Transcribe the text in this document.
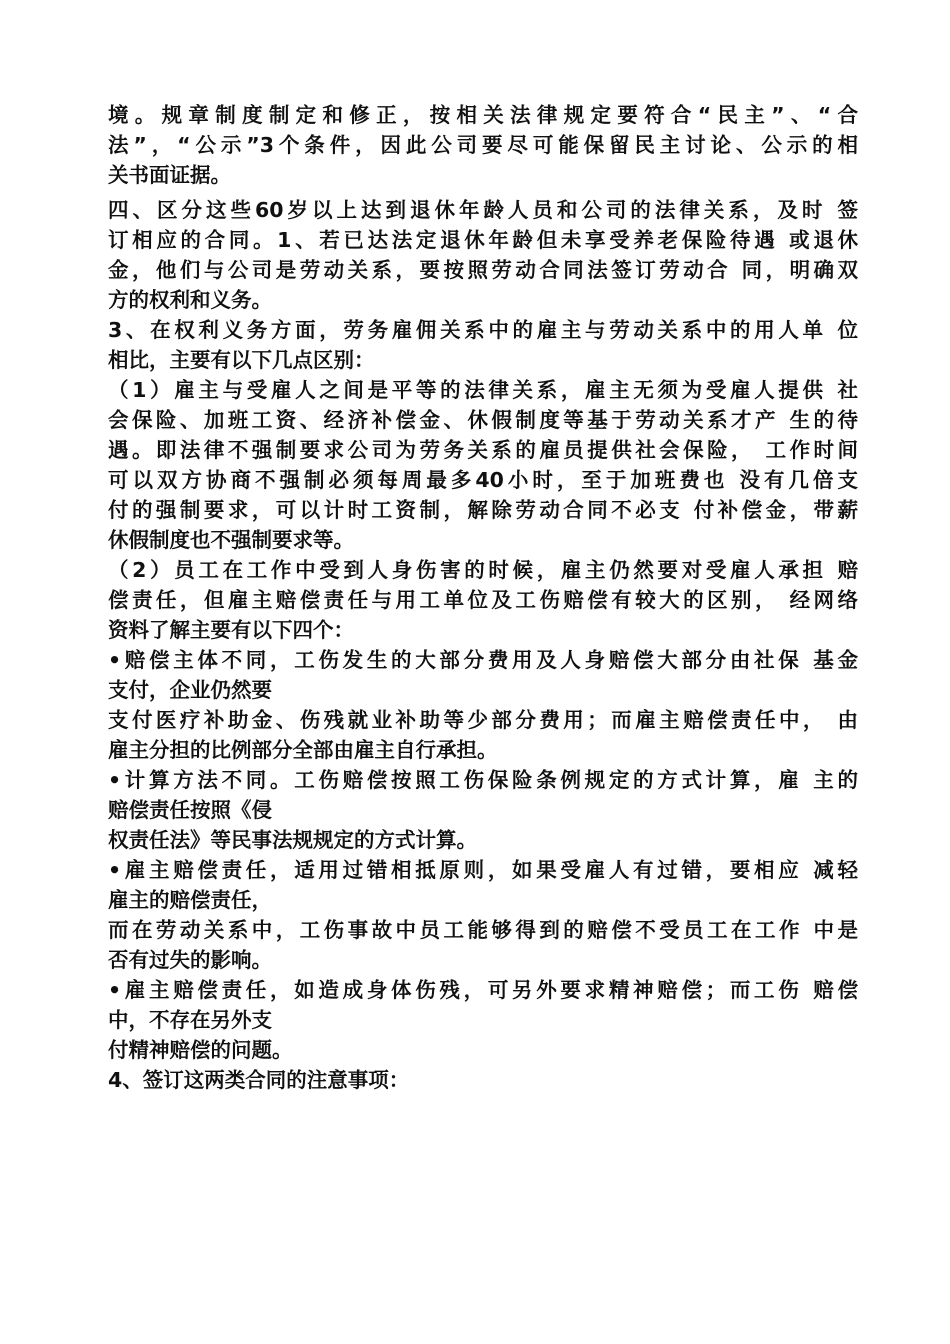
境。规章制度制定和修正，按相关法律规定要符合“民主”、“合
法”，“公示”3个条件，因此公司要尽可能保留民主讨论、公示的相
关书面证据。
四、区分这些60岁以上达到退休年龄人员和公司的法律关系，及时 签
订相应的合同。1、若已达法定退休年龄但未享受养老保险待遇 或退休
金，他们与公司是劳动关系，要按照劳动合同法签订劳动合 同，明确双
方的权利和义务。
3、在权利义务方面，劳务雇佣关系中的雇主与劳动关系中的用人单 位
相比，主要有以下几点区别：
（1）雇主与受雇人之间是平等的法律关系，雇主无须为受雇人提供 社
会保险、加班工资、经济补偿金、休假制度等基于劳动关系才产 生的待
遇。即法律不强制要求公司为劳务关系的雇员提供社会保险， 工作时间
可以双方协商不强制必须每周最多40小时，至于加班费也 没有几倍支
付的强制要求，可以计时工资制，解除劳动合同不必支 付补偿金，带薪
休假制度也不强制要求等。
（2）员工在工作中受到人身伤害的时候，雇主仍然要对受雇人承担 赔
偿责任，但雇主赔偿责任与用工单位及工伤赔偿有较大的区别， 经网络
资料了解主要有以下四个：
•赔偿主体不同，工伤发生的大部分费用及人身赔偿大部分由社保 基金
支付，企业仍然要
支付医疗补助金、伤残就业补助等少部分费用；而雇主赔偿责任中， 由
雇主分担的比例部分全部由雇主自行承担。
•计算方法不同。工伤赔偿按照工伤保险条例规定的方式计算，雇 主的
赔偿责任按照《侵
权责任法》等民事法规规定的方式计算。
•雇主赔偿责任，适用过错相抵原则，如果受雇人有过错，要相应 减轻
雇主的赔偿责任，
而在劳动关系中，工伤事故中员工能够得到的赔偿不受员工在工作 中是
否有过失的影响。
•雇主赔偿责任，如造成身体伤残，可另外要求精神赔偿；而工伤 赔偿
中，不存在另外支
付精神赔偿的问题。
4、签订这两类合同的注意事项：
